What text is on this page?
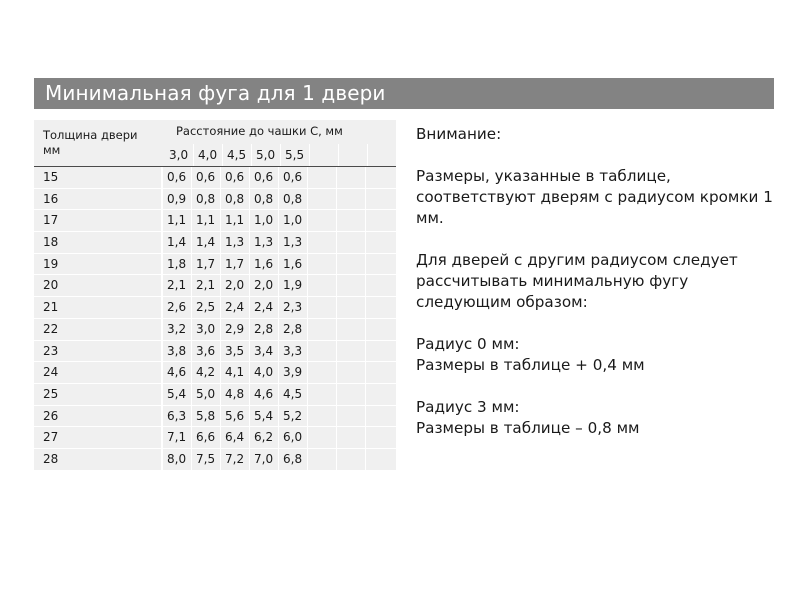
Минимальная фуга для 1 двери
Толщина двери
мм
Расстояние до чашки С, мм
3,0 4,0 4,5 5,0 5,5
15	0,6 0,6 0,6 0,6 0,6
16	0,9 0,8 0,8 0,8 0,8
17	1,1 1,1 1,1 1,0 1,0
18	1,4 1,4 1,3 1,3 1,3
19	1,8 1,7 1,7 1,6 1,6
20	2,1 2,1 2,0 2,0 1,9
21	2,6 2,5 2,4 2,4 2,3
22	3,2 3,0 2,9 2,8 2,8
23	3,8 3,6 3,5 3,4 3,3
24	4,6 4,2 4,1 4,0 3,9
25	5,4 5,0 4,8 4,6 4,5
26	6,3 5,8 5,6 5,4 5,2
27	7,1 6,6 6,4 6,2 6,0
28	8,0 7,5 7,2 7,0 6,8

Внимание:

Размеры, указанные в таблице, соответствуют дверям с радиусом кромки 1 мм.

Для дверей с другим радиусом следует рассчитывать минимальную фугу следующим образом:

Радиус 0 мм:

Размеры в таблице + 0,4 мм

Радиус 3 мм:

Размеры в таблице – 0,8 мм
